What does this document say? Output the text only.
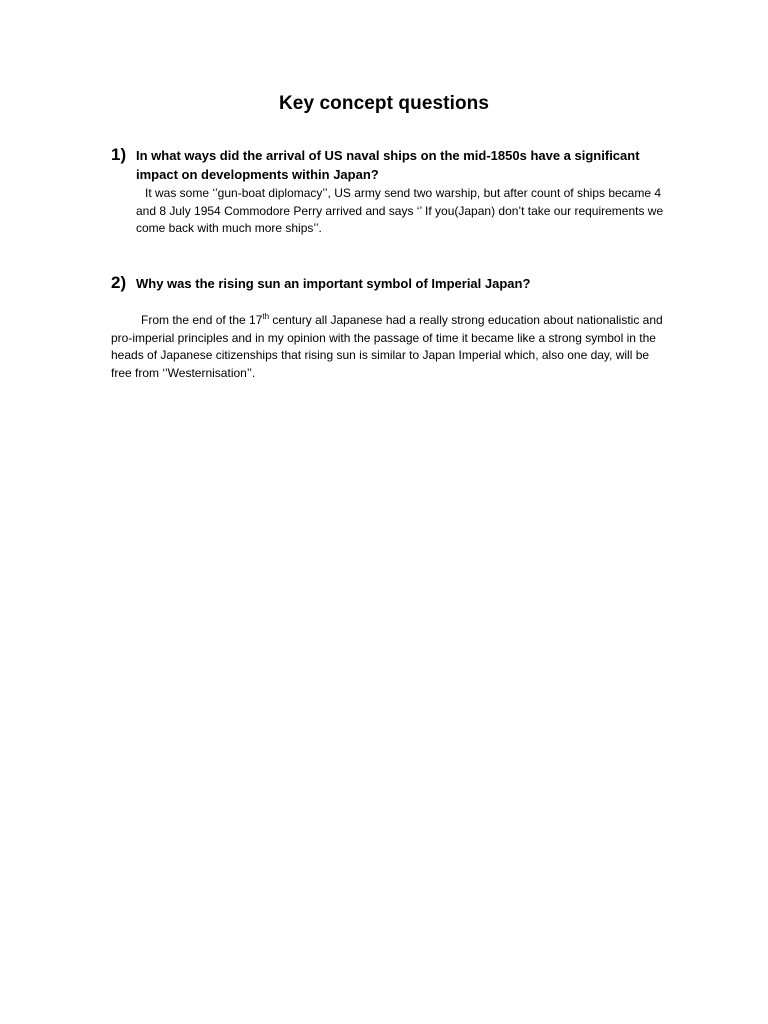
Key concept questions
1) In what ways did the arrival of US naval ships on the mid-1850s have a significant impact on developments within Japan?
It was some ‘’gun-boat diplomacy’’, US army send two warship, but after count of ships became 4 and 8 July 1954 Commodore Perry arrived and says ‘’ If you(Japan) don’t take our requirements we come back with much more ships’’.
2) Why was the rising sun an important symbol of Imperial Japan?
From the end of the 17th century all Japanese had a really strong education about nationalistic and pro-imperial principles and in my opinion with the passage of time it became like a strong symbol in the heads of Japanese citizenships that rising sun is similar to Japan Imperial which, also one day, will be free from ‘’Westernisation’’.
